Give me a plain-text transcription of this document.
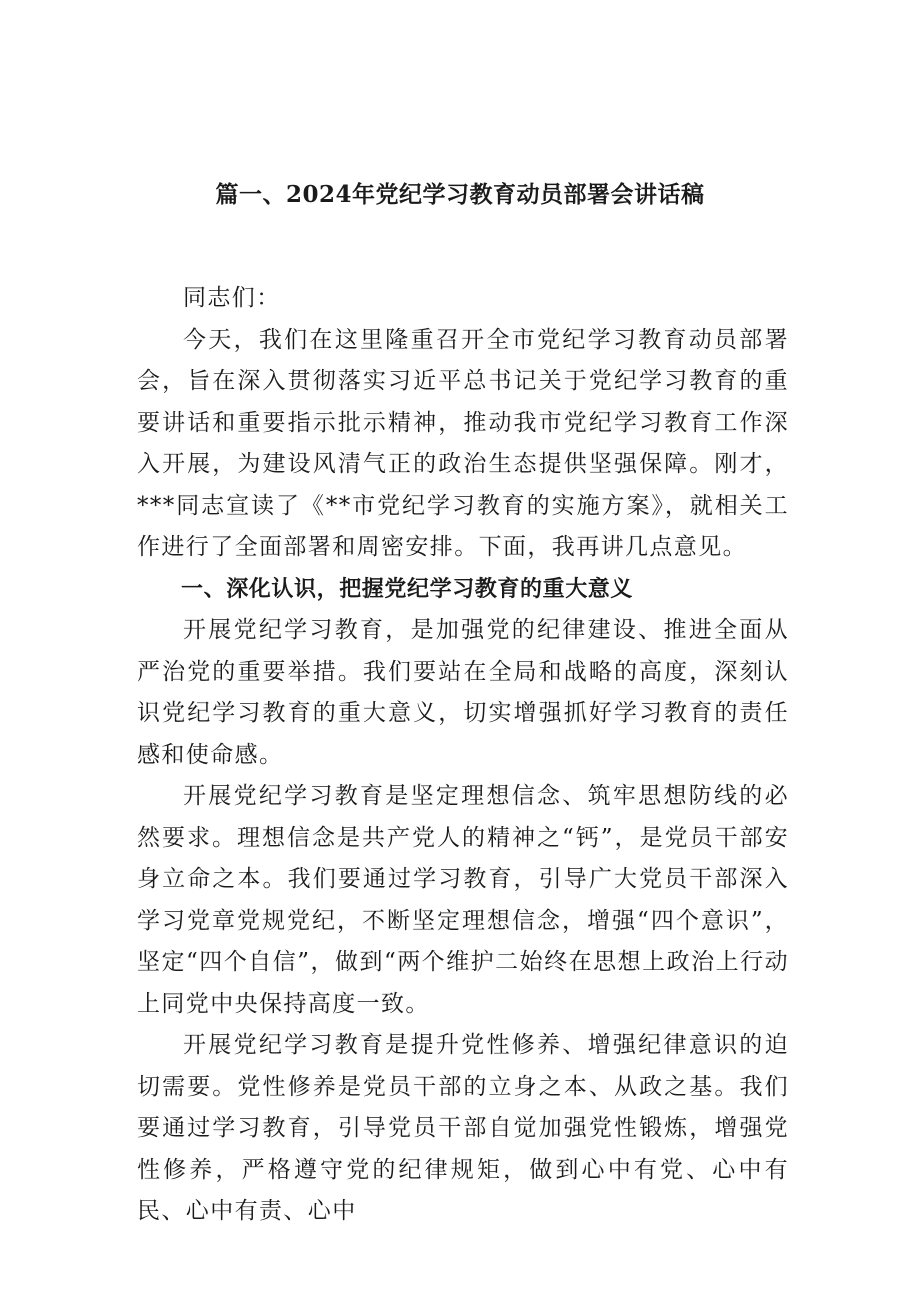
篇一、2024年党纪学习教育动员部署会讲话稿

同志们：

今天，我们在这里隆重召开全市党纪学习教育动员部署会，旨在深入贯彻落实习近平总书记关于党纪学习教育的重要讲话和重要指示批示精神，推动我市党纪学习教育工作深入开展，为建设风清气正的政治生态提供坚强保障。刚才，***同志宣读了《**市党纪学习教育的实施方案》，就相关工作进行了全面部署和周密安排。下面，我再讲几点意见。

一、深化认识，把握党纪学习教育的重大意义

开展党纪学习教育，是加强党的纪律建设、推进全面从严治党的重要举措。我们要站在全局和战略的高度，深刻认识党纪学习教育的重大意义，切实增强抓好学习教育的责任感和使命感。

开展党纪学习教育是坚定理想信念、筑牢思想防线的必然要求。理想信念是共产党人的精神之“钙”，是党员干部安身立命之本。我们要通过学习教育，引导广大党员干部深入学习党章党规党纪，不断坚定理想信念，增强“四个意识”，坚定“四个自信”，做到“两个维护二始终在思想上政治上行动上同党中央保持高度一致。

开展党纪学习教育是提升党性修养、增强纪律意识的迫切需要。党性修养是党员干部的立身之本、从政之基。我们要通过学习教育，引导党员干部自觉加强党性锻炼，增强党性修养，严格遵守党的纪律规矩，做到心中有党、心中有民、心中有责、心中
